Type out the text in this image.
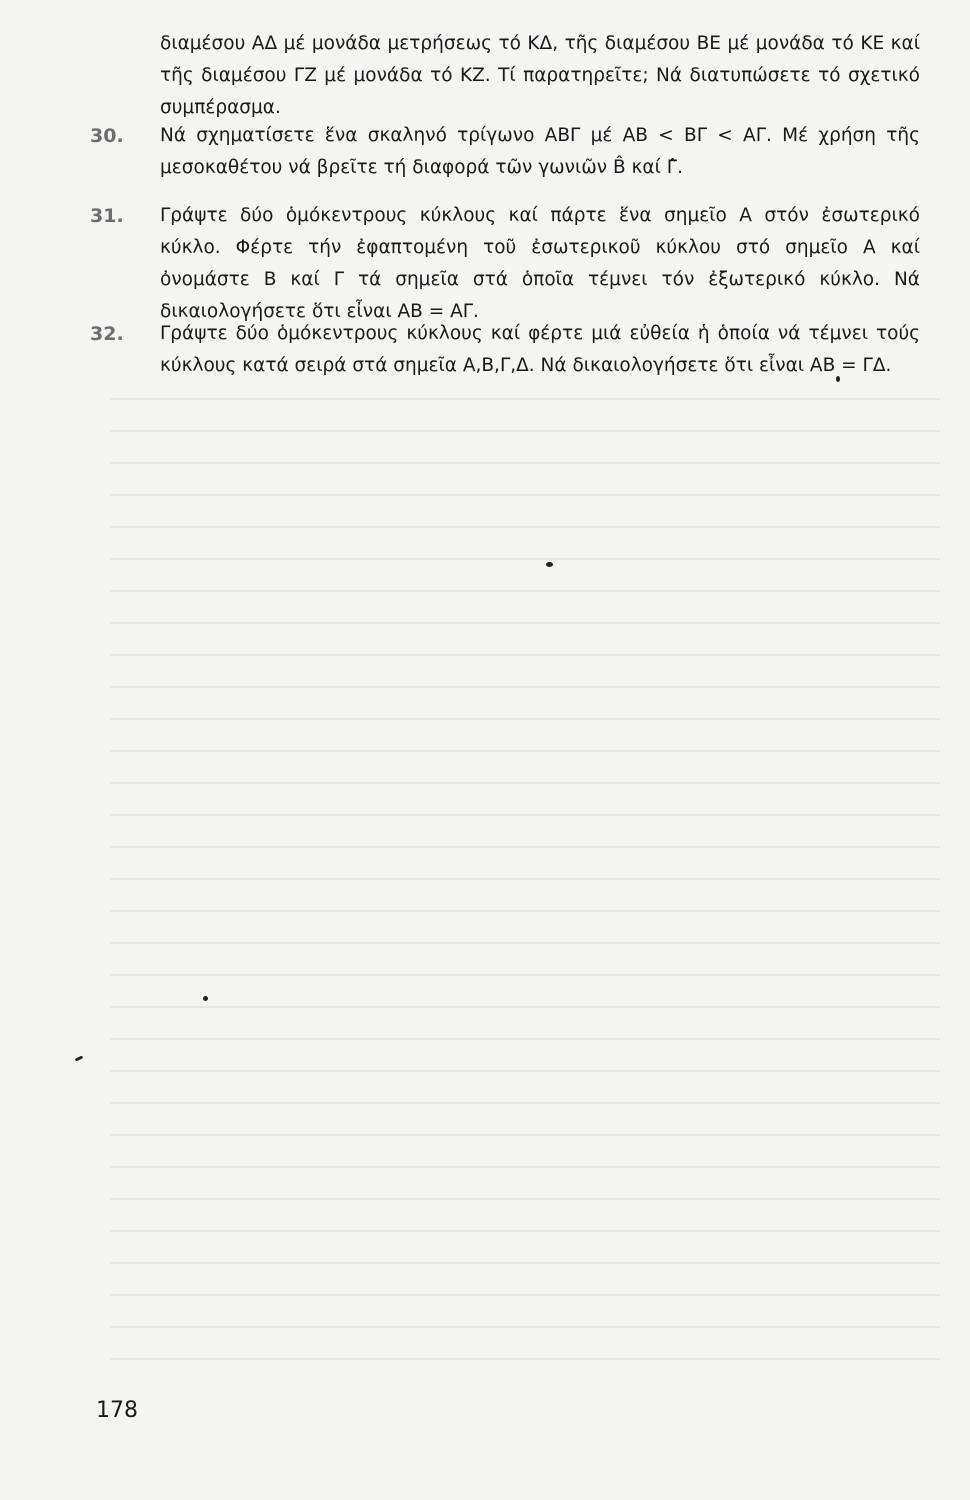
διαμέσου ΑΔ μέ μονάδα μετρήσεως τό ΚΔ, τῆς διαμέσου ΒΕ μέ μονάδα τό ΚΕ καί τῆς διαμέσου ΓΖ μέ μονάδα τό ΚΖ. Τί παρατηρεῖτε; Νά διατυπώσετε τό σχετικό συμπέρασμα.

30.	Νά σχηματίσετε ἕνα σκαληνό τρίγωνο ΑΒΓ μέ ΑΒ < ΒΓ < ΑΓ. Μέ χρήση τῆς μεσοκαθέτου νά βρεῖτε τή διαφορά τῶν γωνιῶν B̂ καί Γ̂.

31.	Γράψτε δύο ὁμόκεντρους κύκλους καί πάρτε ἕνα σημεῖο Α στόν ἐσωτερικό κύκλο. Φέρτε τήν ἐφαπτομένη τοῦ ἐσωτερικοῦ κύκλου στό σημεῖο Α καί ὀνομάστε Β καί Γ τά σημεῖα στά ὁποῖα τέμνει τόν ἐξωτερικό κύκλο. Νά δικαιολογήσετε ὅτι εἶναι ΑΒ = ΑΓ.

32.	Γράψτε δύο ὁμόκεντρους κύκλους καί φέρτε μιά εὐθεία ἡ ὁποία νά τέμνει τούς κύκλους κατά σειρά στά σημεῖα Α,Β,Γ,Δ. Νά δικαιολογήσετε ὅτι εἶναι ΑΒ = ΓΔ.

178
